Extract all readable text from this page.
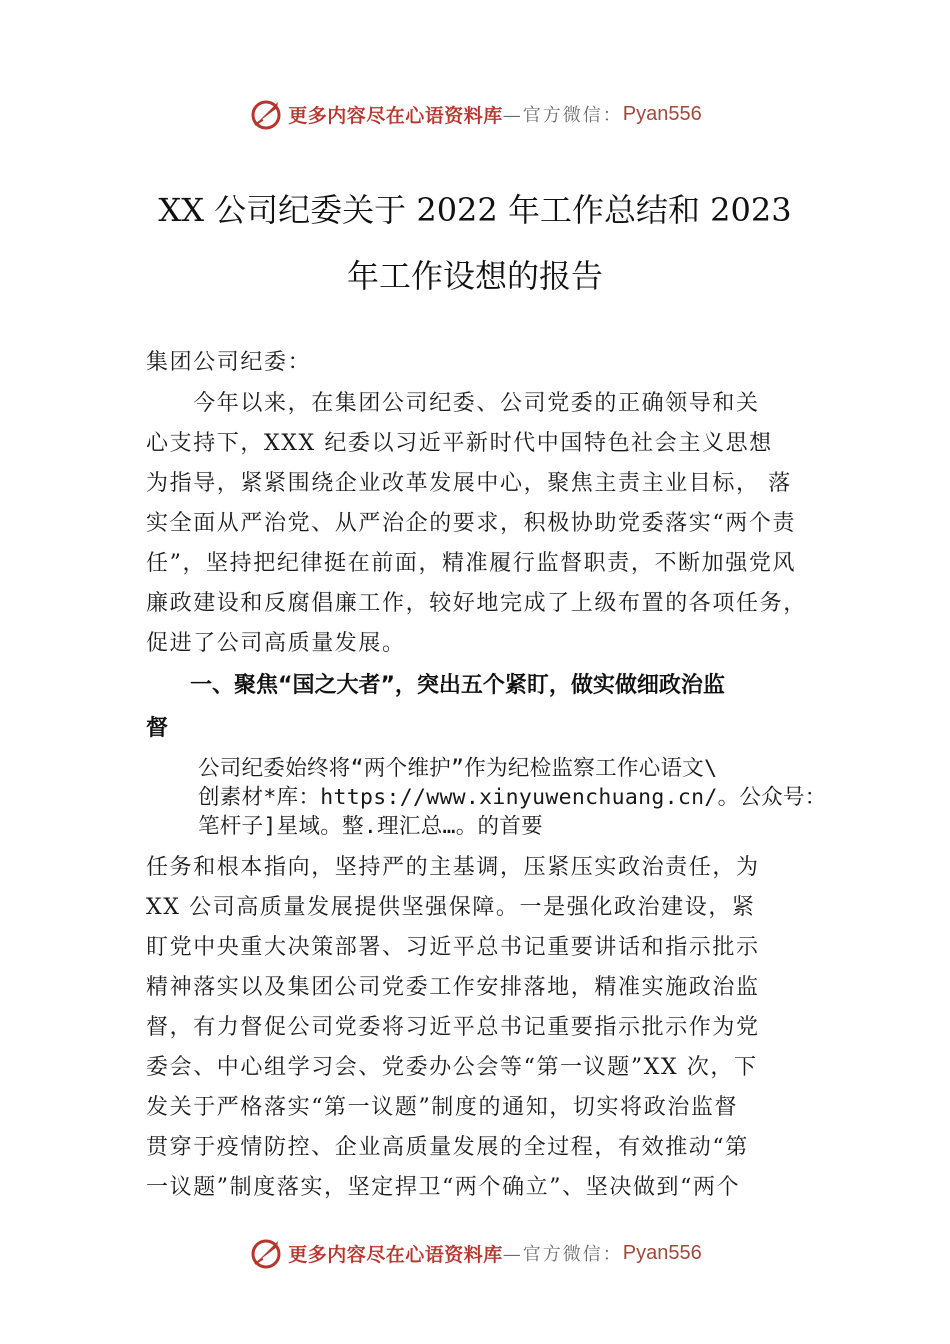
更多内容尽在心语资料库 —官方微信： Pyan556
XX 公司纪委关于 2022 年工作总结和 2023
年工作设想的报告

集团公司纪委：

　　今年以来，在集团公司纪委、公司党委的正确领导和关
心支持下，XXX 纪委以习近平新时代中国特色社会主义思想
为指导，紧紧围绕企业改革发展中心，聚焦主责主业目标， 落
实全面从严治党、从严治企的要求，积极协助党委落实“两个责
任”，坚持把纪律挺在前面，精准履行监督职责，不断加强党风
廉政建设和反腐倡廉工作，较好地完成了上级布置的各项任务，
促进了公司高质量发展。

　　一、聚焦“国之大者”，突出五个紧盯，做实做细政治监
督

公司纪委始终将“两个维护”作为纪检监察工作心语文\
创素材*库：https://www.xinyuwenchuang.cn/。公众号：
笔杆子]星域。整.理汇总…。的首要

任务和根本指向，坚持严的主基调，压紧压实政治责任，为
XX 公司高质量发展提供坚强保障。一是强化政治建设，紧
盯党中央重大决策部署、习近平总书记重要讲话和指示批示
精神落实以及集团公司党委工作安排落地，精准实施政治监
督，有力督促公司党委将习近平总书记重要指示批示作为党
委会、中心组学习会、党委办公会等“第一议题”XX 次，下
发关于严格落实“第一议题”制度的通知，切实将政治监督
贯穿于疫情防控、企业高质量发展的全过程，有效推动“第
一议题”制度落实，坚定捍卫“两个确立”、坚决做到“两个

更多内容尽在心语资料库 —官方微信： Pyan556
